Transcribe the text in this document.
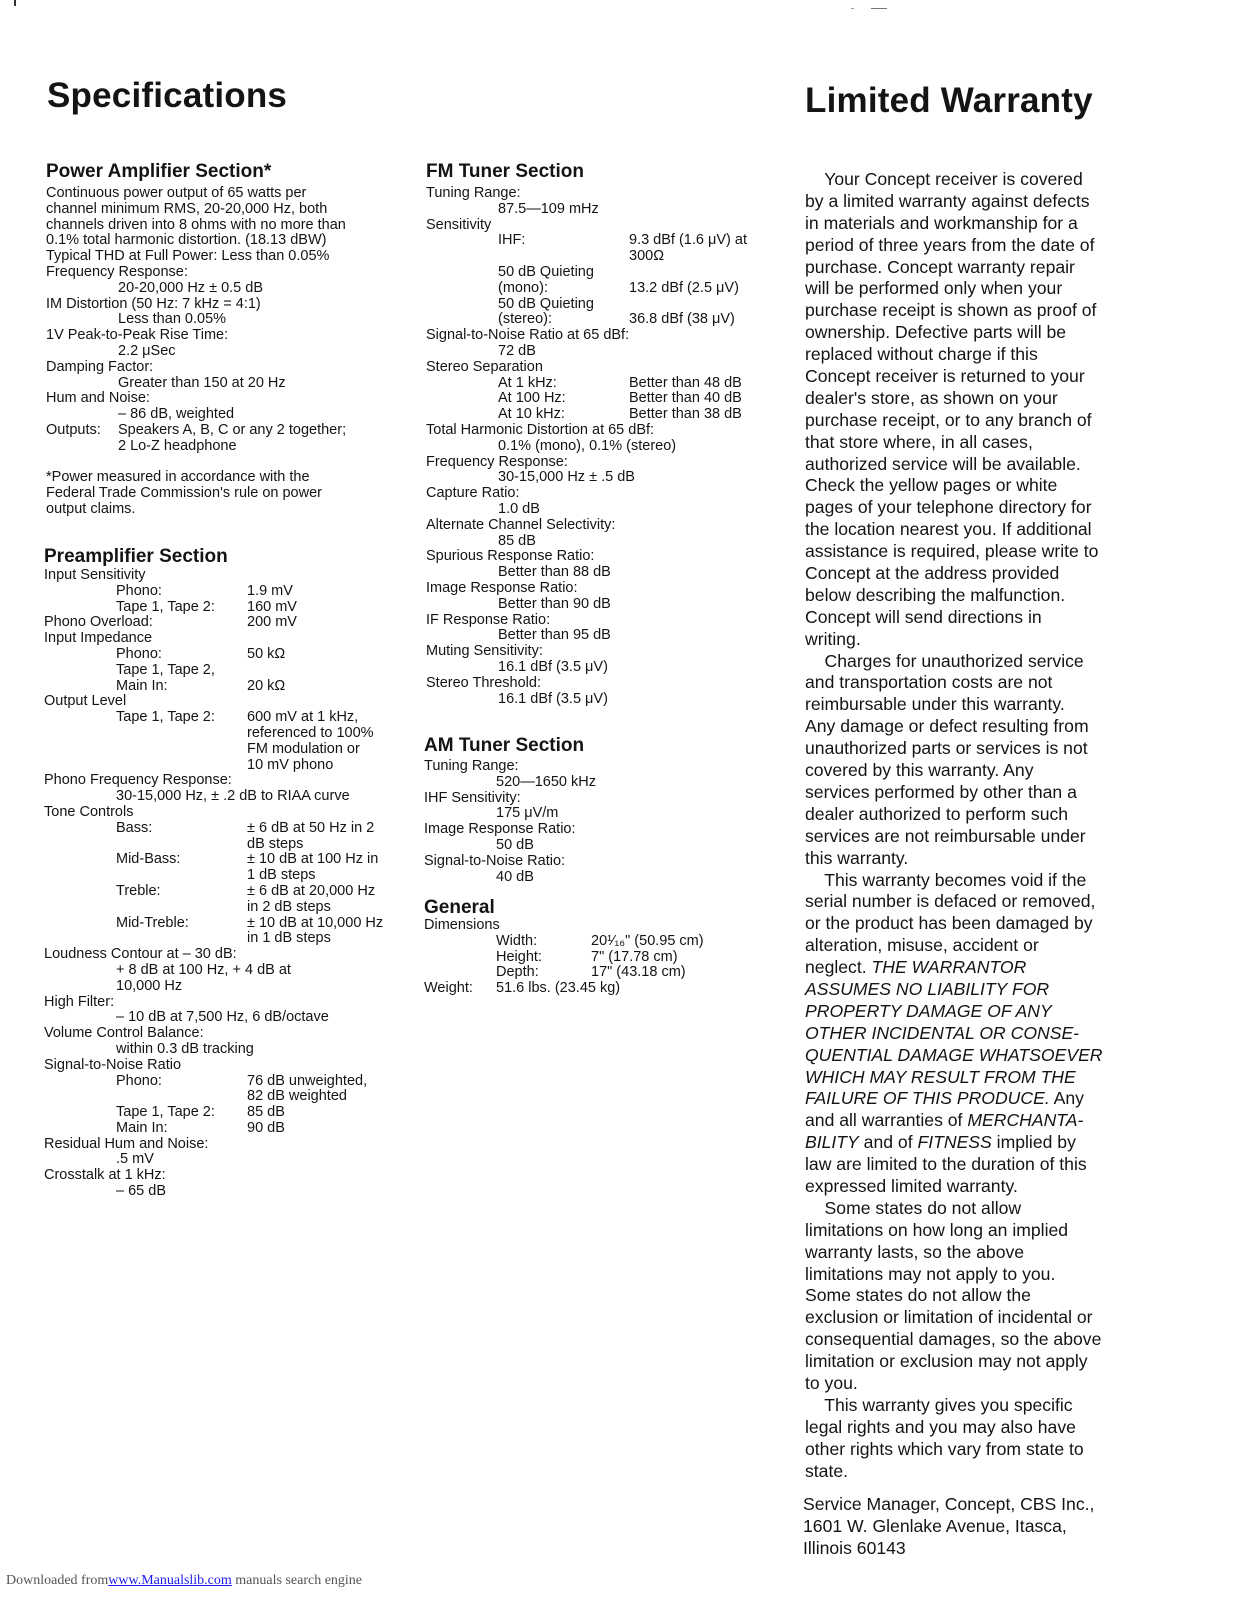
Specifications	Limited Warranty
Power Amplifier Section*
Continuous power output of 65 watts per
channel minimum RMS, 20-20,000 Hz, both
channels driven into 8 ohms with no more than
0.1% total harmonic distortion. (18.13 dBW)
Typical THD at Full Power: Less than 0.05%
Frequency Response:
20-20,000 Hz ± 0.5 dB
IM Distortion (50 Hz: 7 kHz = 4:1)
Less than 0.05%
1V Peak-to-Peak Rise Time:
2.2 μSec
Damping Factor:
Greater than 150 at 20 Hz
Hum and Noise:
– 86 dB, weighted
Outputs: Speakers A, B, C or any 2 together;
2 Lo-Z headphone
*Power measured in accordance with the
Federal Trade Commission's rule on power
output claims.
Preamplifier Section
Input Sensitivity
Phono:	1.9 mV
Tape 1, Tape 2: 160 mV
Phono Overload:	200 mV
Input Impedance
Phono:	50 kΩ
Tape 1, Tape 2,
Main In:	20 kΩ
Output Level
Tape 1, Tape 2: 600 mV at 1 kHz,
referenced to 100%
FM modulation or
10 mV phono
Phono Frequency Response:
30-15,000 Hz, ± .2 dB to RIAA curve
Tone Controls
Bass:	± 6 dB at 50 Hz in 2
dB steps
Mid-Bass:	± 10 dB at 100 Hz in
1 dB steps
Treble:	± 6 dB at 20,000 Hz
in 2 dB steps
Mid-Treble:	± 10 dB at 10,000 Hz
in 1 dB steps
Loudness Contour at – 30 dB:
+ 8 dB at 100 Hz, + 4 dB at
10,000 Hz
High Filter:
– 10 dB at 7,500 Hz, 6 dB/octave
Volume Control Balance:
within 0.3 dB tracking
Signal-to-Noise Ratio
Phono:	76 dB unweighted,
82 dB weighted
Tape 1, Tape 2: 85 dB
Main In:	90 dB
Residual Hum and Noise:
.5 mV
Crosstalk at 1 kHz:
– 65 dB
FM Tuner Section
Tuning Range:
87.5—109 mHz
Sensitivity
IHF:	9.3 dBf (1.6 μV) at
300Ω
50 dB Quieting
(mono):	13.2 dBf (2.5 μV)
50 dB Quieting
(stereo):	36.8 dBf (38 μV)
Signal-to-Noise Ratio at 65 dBf:
72 dB
Stereo Separation
At 1 kHz:	Better than 48 dB
At 100 Hz:	Better than 40 dB
At 10 kHz:	Better than 38 dB
Total Harmonic Distortion at 65 dBf:
0.1% (mono), 0.1% (stereo)
Frequency Response:
30-15,000 Hz ± .5 dB
Capture Ratio:
1.0 dB
Alternate Channel Selectivity:
85 dB
Spurious Response Ratio:
Better than 88 dB
Image Response Ratio:
Better than 90 dB
IF Response Ratio:
Better than 95 dB
Muting Sensitivity:
16.1 dBf (3.5 μV)
Stereo Threshold:
16.1 dBf (3.5 μV)
AM Tuner Section
Tuning Range:
520—1650 kHz
IHF Sensitivity:
175 μV/m
Image Response Ratio:
50 dB
Signal-to-Noise Ratio:
40 dB
General
Dimensions
Width:	20¹⁄₁₆" (50.95 cm)
Height:	7" (17.78 cm)
Depth:	17" (43.18 cm)
Weight: 51.6 lbs. (23.45 kg)
Your Concept receiver is covered
by a limited warranty against defects
in materials and workmanship for a
period of three years from the date of
purchase. Concept warranty repair
will be performed only when your
purchase receipt is shown as proof of
ownership. Defective parts will be
replaced without charge if this
Concept receiver is returned to your
dealer's store, as shown on your
purchase receipt, or to any branch of
that store where, in all cases,
authorized service will be available.
Check the yellow pages or white
pages of your telephone directory for
the location nearest you. If additional
assistance is required, please write to
Concept at the address provided
below describing the malfunction.
Concept will send directions in
writing.
Charges for unauthorized service
and transportation costs are not
reimbursable under this warranty.
Any damage or defect resulting from
unauthorized parts or services is not
covered by this warranty. Any
services performed by other than a
dealer authorized to perform such
services are not reimbursable under
this warranty.
This warranty becomes void if the
serial number is defaced or removed,
or the product has been damaged by
alteration, misuse, accident or
neglect. THE WARRANTOR
ASSUMES NO LIABILITY FOR
PROPERTY DAMAGE OF ANY
OTHER INCIDENTAL OR CONSE-
QUENTIAL DAMAGE WHATSOEVER
WHICH MAY RESULT FROM THE
FAILURE OF THIS PRODUCE. Any
and all warranties of MERCHANTA-
BILITY and of FITNESS implied by
law are limited to the duration of this
expressed limited warranty.
Some states do not allow
limitations on how long an implied
warranty lasts, so the above
limitations may not apply to you.
Some states do not allow the
exclusion or limitation of incidental or
consequential damages, so the above
limitation or exclusion may not apply
to you.
This warranty gives you specific
legal rights and you may also have
other rights which vary from state to
state.
Service Manager, Concept, CBS Inc.,
1601 W. Glenlake Avenue, Itasca,
Illinois 60143
Downloaded fromwww.Manualslib.com manuals search engine
